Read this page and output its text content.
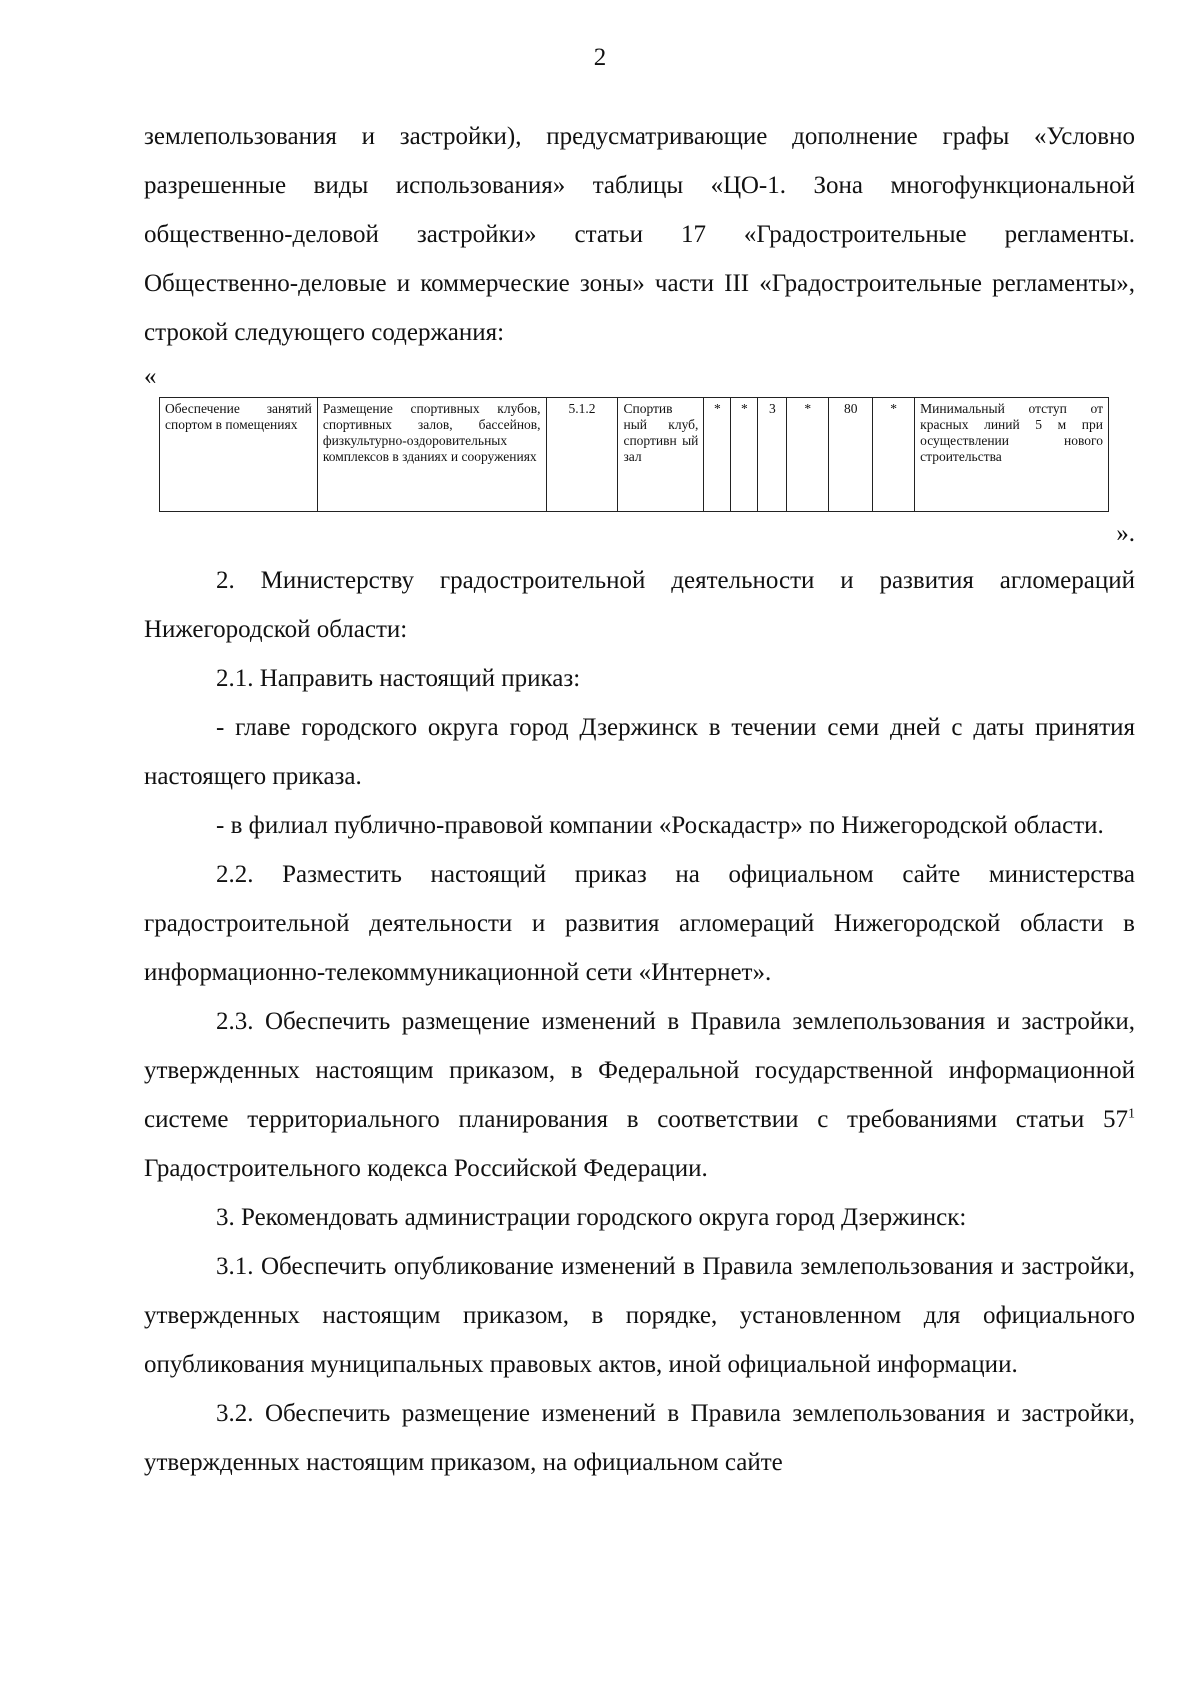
2

землепользования и застройки), предусматривающие дополнение графы «Условно разрешенные виды использования» таблицы «ЦО-1. Зона многофункциональной общественно-деловой застройки» статьи 17 «Градостроительные регламенты. Общественно-деловые и коммерческие зоны» части III «Градостроительные регламенты», строкой следующего содержания:

«

Обеспечение занятий спортом в помещениях	Размещение спортивных клубов, спортивных залов, бассейнов, физкультурно-оздоровительных комплексов в зданиях и сооружениях	5.1.2	Спортив ный клуб, спортивн ый зал	*	*	3	*	80	*	Минимальный отступ от красных линий 5 м при осуществлении нового строительства

».

2. Министерству градостроительной деятельности и развития агломераций Нижегородской области:

2.1. Направить настоящий приказ:

- главе городского округа город Дзержинск в течении семи дней с даты принятия настоящего приказа.

- в филиал публично-правовой компании «Роскадастр» по Нижегородской области.

2.2. Разместить настоящий приказ на официальном сайте министерства градостроительной деятельности и развития агломераций Нижегородской области в информационно-телекоммуникационной сети «Интернет».

2.3. Обеспечить размещение изменений в Правила землепользования и застройки, утвержденных настоящим приказом, в Федеральной государственной информационной системе территориального планирования в соответствии с требованиями статьи $57^1$ Градостроительного кодекса Российской Федерации.

3. Рекомендовать администрации городского округа город Дзержинск:

3.1. Обеспечить опубликование изменений в Правила землепользования и застройки, утвержденных настоящим приказом, в порядке, установленном для официального опубликования муниципальных правовых актов, иной официальной информации.

3.2. Обеспечить размещение изменений в Правила землепользования и застройки, утвержденных настоящим приказом, на официальном сайте
